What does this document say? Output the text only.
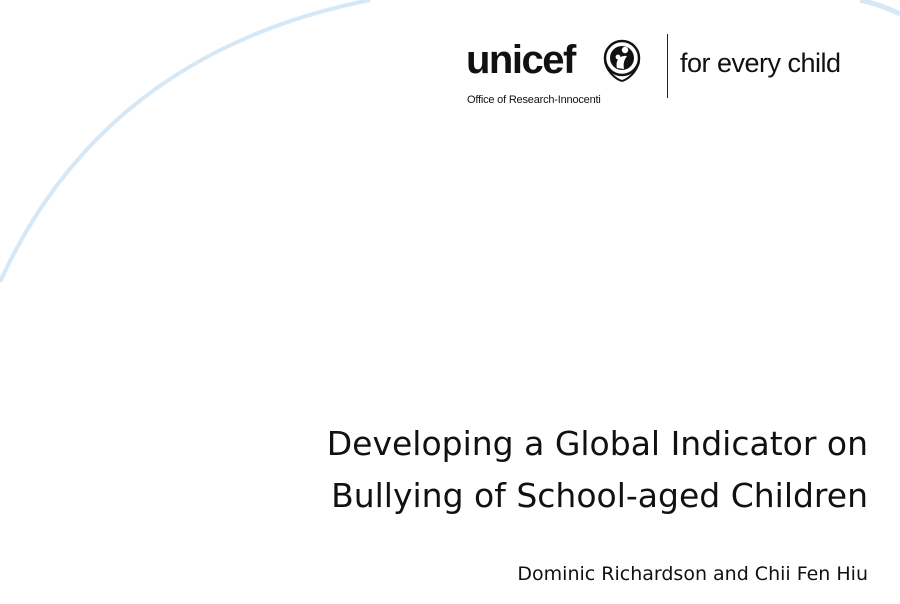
unicef
Office of Research-Innocenti
for every child
Developing a Global Indicator on
Bullying of School-aged Children
Dominic Richardson and Chii Fen Hiu
